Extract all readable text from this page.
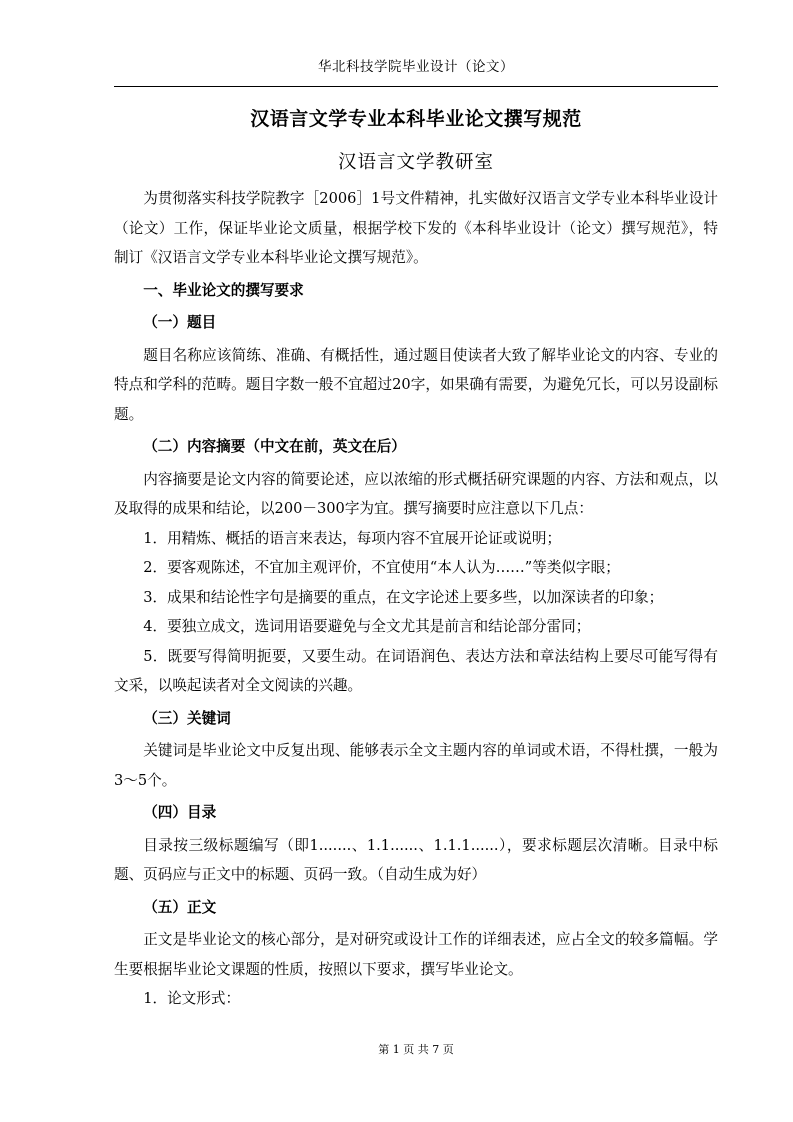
华北科技学院毕业设计（论文）
汉语言文学专业本科毕业论文撰写规范
汉语言文学教研室

为贯彻落实科技学院教字［2006］1号文件精神，扎实做好汉语言文学专业本科毕业设计（论文）工作，保证毕业论文质量，根据学校下发的《本科毕业设计（论文）撰写规范》，特制订《汉语言文学专业本科毕业论文撰写规范》。

一、毕业论文的撰写要求
（一）题目

题目名称应该简练、准确、有概括性，通过题目使读者大致了解毕业论文的内容、专业的特点和学科的范畴。题目字数一般不宜超过20字，如果确有需要，为避免冗长，可以另设副标题。

（二）内容摘要（中文在前，英文在后）

内容摘要是论文内容的简要论述，应以浓缩的形式概括研究课题的内容、方法和观点，以及取得的成果和结论，以200－300字为宜。撰写摘要时应注意以下几点：

1．用精炼、概括的语言来表达，每项内容不宜展开论证或说明；

2．要客观陈述，不宜加主观评价，不宜使用“本人认为……”等类似字眼；

3．成果和结论性字句是摘要的重点，在文字论述上要多些，以加深读者的印象；

4．要独立成文，选词用语要避免与全文尤其是前言和结论部分雷同；

5．既要写得简明扼要，又要生动。在词语润色、表达方法和章法结构上要尽可能写得有文采，以唤起读者对全文阅读的兴趣。

（三）关键词

关键词是毕业论文中反复出现、能够表示全文主题内容的单词或术语，不得杜撰，一般为3～5个。

（四）目录

目录按三级标题编写（即1.......、1.1......、1.1.1......），要求标题层次清晰。目录中标题、页码应与正文中的标题、页码一致。（自动生成为好）

（五）正文

正文是毕业论文的核心部分，是对研究或设计工作的详细表述，应占全文的较多篇幅。学生要根据毕业论文课题的性质，按照以下要求，撰写毕业论文。

1．论文形式：

第 1 页 共 7 页
